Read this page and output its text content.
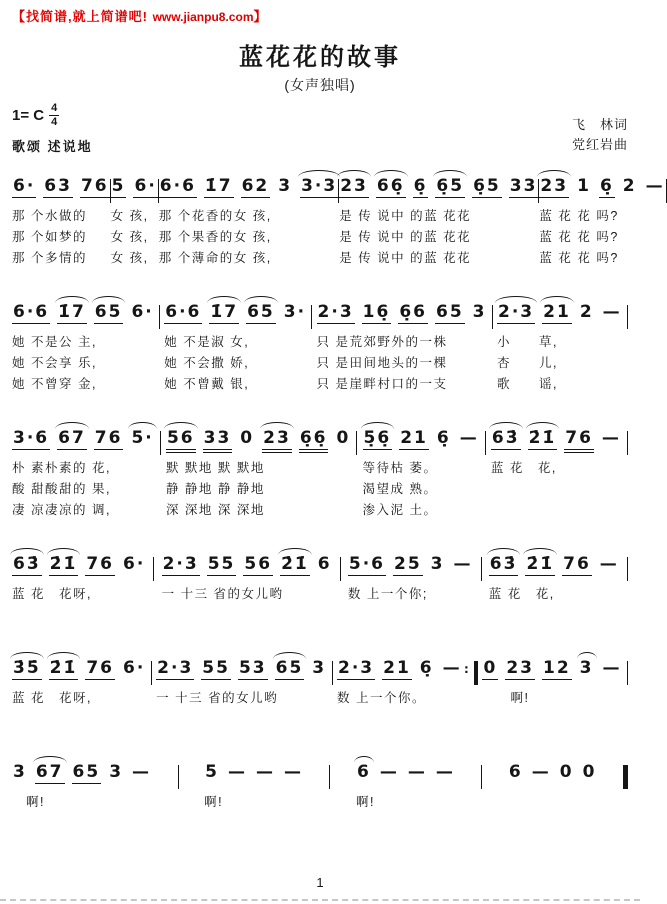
【找简谱,就上简谱吧! www.jianpu8.com】
蓝花花的故事
(女声独唱)
1= C $\frac{4}{4}$
歌颂 述说地
飞　林词
党红岩曲
6· 63 76
那 个水做的
那 个如梦的
那 个多情的
5 6·
女 孩,
女 孩,
女 孩,
6·6 1̇7 62 3 3·3
那 个花香的女 孩,
那 个果香的女 孩,
那 个薄命的女 孩,
23 66̣ 6̣ 6̣5 6̣5 33
是 传 说中 的蓝 花花
是 传 说中 的蓝 花花
是 传 说中 的蓝 花花
23 1 6̣ 2 —
蓝 花 花 吗?
蓝 花 花 吗?
蓝 花 花 吗?
6·6 1̇7 65 6·
她 不是公 主,
她 不会享 乐,
她 不曾穿 金,
6·6 1̇7 65 3·
她 不是淑 女,
她 不会撒 娇,
她 不曾戴 银,
2·3 16̣ 6̣6 65 3
只 是荒郊野外的一株
只 是田间地头的一棵
只 是崖畔村口的一支
2·3 21 2 —
小　　草,
杏　　儿,
歌　　谣,
3·6 67 76 5·
朴 素朴素的 花,
酸 甜酸甜的 果,
凄 凉凄凉的 调,
56 33 0 23 6̣6̣ 0
默 默地 默 默地
静 静地 静 静地
深 深地 深 深地
5̣6̣ 21 6̣ —
等待枯 萎。
渴望成 熟。
渗入泥 土。
63̇ 2̇1̇ 76 —
蓝 花　花,
63̇ 2̇1̇ 76 6·
蓝 花　花呀,
2·3 55 56 2̇1̇ 6
一 十三 省的女儿哟
5·6 25 3 —
数 上一个你;
63̇ 2̇1̇ 76 —
蓝 花　花,
3̇5̇ 2̇1̇ 76 6·
蓝 花　花呀,
2·3 55 53 65 3
一 十三 省的女儿哟
2·3 21 6̣ —
数 上一个你。
∶
0 23 12 3 —
　　啊!
3 67 65 3 —
　啊!
5 — — —
啊!
6 — — —
啊!
6 — 0 0
1
